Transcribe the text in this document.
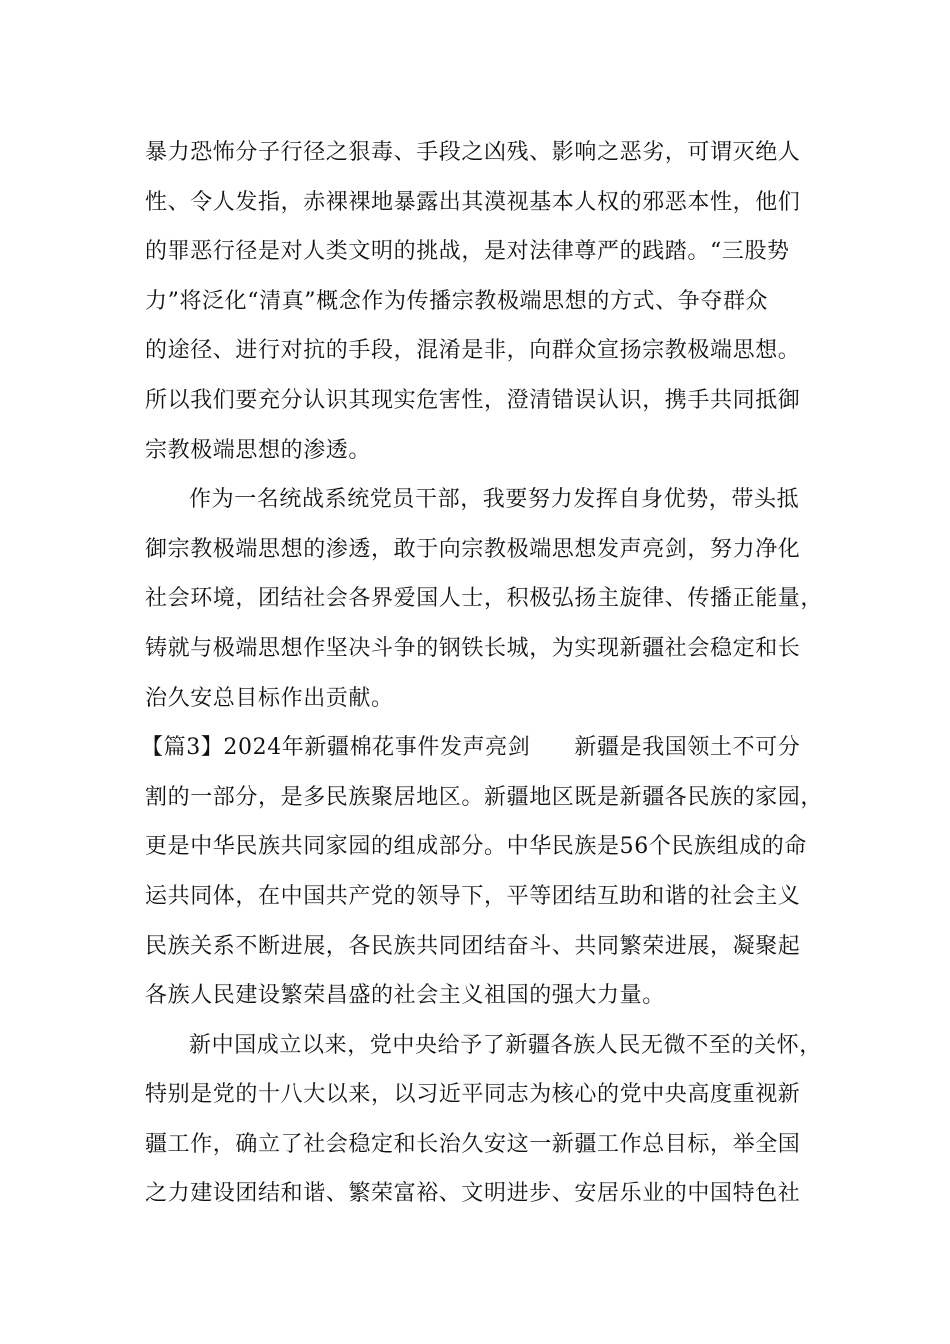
暴力恐怖分子行径之狠毒、手段之凶残、影响之恶劣，可谓灭绝人
性、令人发指，赤裸裸地暴露出其漠视基本人权的邪恶本性，他们
的罪恶行径是对人类文明的挑战，是对法律尊严的践踏。“三股势
力”将泛化“清真”概念作为传播宗教极端思想的方式、争夺群众
的途径、进行对抗的手段，混淆是非，向群众宣扬宗教极端思想。
所以我们要充分认识其现实危害性，澄清错误认识，携手共同抵御
宗教极端思想的渗透。

作为一名统战系统党员干部，我要努力发挥自身优势，带头抵
御宗教极端思想的渗透，敢于向宗教极端思想发声亮剑，努力净化
社会环境，团结社会各界爱国人士，积极弘扬主旋律、传播正能量，
铸就与极端思想作坚决斗争的钢铁长城，为实现新疆社会稳定和长
治久安总目标作出贡献。

【篇3】2024年新疆棉花事件发声亮剑 新疆是我国领土不可分
割的一部分，是多民族聚居地区。新疆地区既是新疆各民族的家园，
更是中华民族共同家园的组成部分。中华民族是56个民族组成的命
运共同体，在中国共产党的领导下，平等团结互助和谐的社会主义
民族关系不断进展，各民族共同团结奋斗、共同繁荣进展，凝聚起
各族人民建设繁荣昌盛的社会主义祖国的强大力量。

新中国成立以来，党中央给予了新疆各族人民无微不至的关怀，
特别是党的十八大以来，以习近平同志为核心的党中央高度重视新
疆工作，确立了社会稳定和长治久安这一新疆工作总目标，举全国
之力建设团结和谐、繁荣富裕、文明进步、安居乐业的中国特色社
